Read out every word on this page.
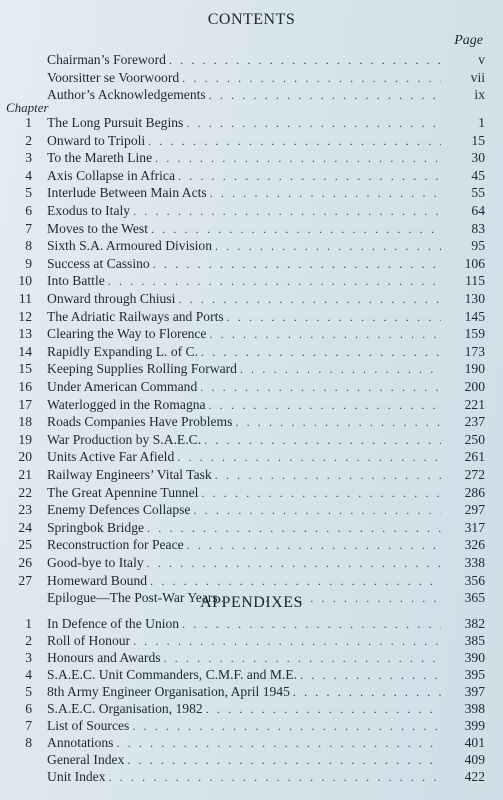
CONTENTS
Page
Chapter
Chairman’s Foreword . . .	v
Voorsitter se Voorwoord . . .	vii
Author’s Acknowledgements . . .	ix
1 The Long Pursuit Begins . . .	1
2 Onward to Tripoli . . .	15
3 To the Mareth Line . . .	30
4 Axis Collapse in Africa . . .	45
5 Interlude Between Main Acts . . .	55
6 Exodus to Italy . . .	64
7 Moves to the West . . .	83
8 Sixth S.A. Armoured Division . . .	95
9 Success at Cassino . . .	106
10 Into Battle . . .	115
11 Onward through Chiusi . . .	130
12 The Adriatic Railways and Ports . . .	145
13 Clearing the Way to Florence . . .	159
14 Rapidly Expanding L. of C. . . .	173
15 Keeping Supplies Rolling Forward . . .	190
16 Under American Command . . .	200
17 Waterlogged in the Romagna . . .	221
18 Roads Companies Have Problems . . .	237
19 War Production by S.A.E.C. . . .	250
20 Units Active Far Afield . . .	261
21 Railway Engineers’ Vital Task . . .	272
22 The Great Apennine Tunnel . . .	286
23 Enemy Defences Collapse . . .	297
24 Springbok Bridge . . .	317
25 Reconstruction for Peace . . .	326
26 Good-bye to Italy . . .	338
27 Homeward Bound . . .	356
Epilogue—The Post-War Years . . .	365
APPENDIXES
1 In Defence of the Union . . .	382
2 Roll of Honour . . .	385
3 Honours and Awards . . .	390
4 S.A.E.C. Unit Commanders, C.M.F. and M.E. . . .	395
5 8th Army Engineer Organisation, April 1945 . . .	397
6 S.A.E.C. Organisation, 1982 . . .	398
7 List of Sources . . .	399
8 Annotations . . .	401
General Index . . .	409
Unit Index . . .	422
